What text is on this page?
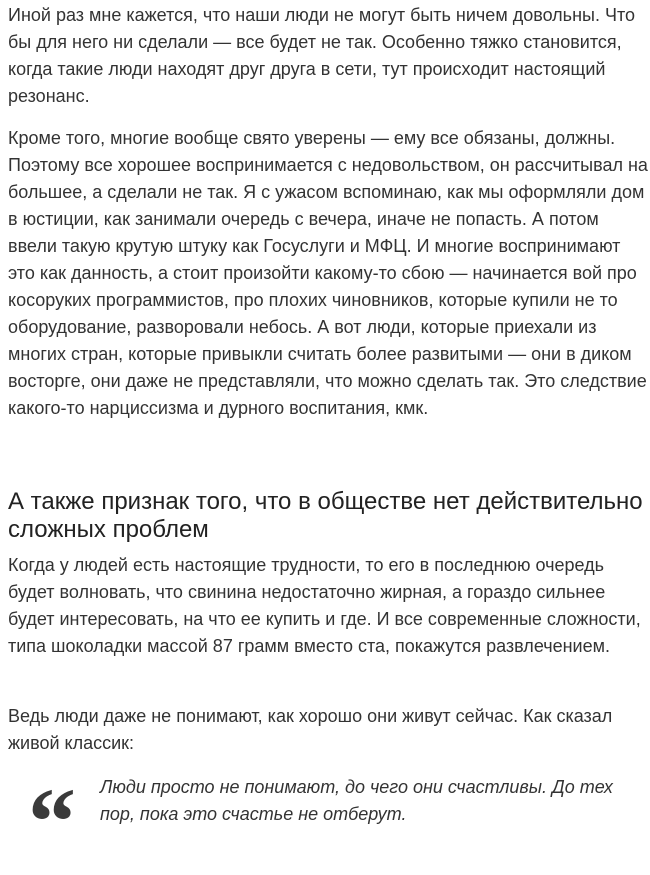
Иной раз мне кажется, что наши люди не могут быть ничем довольны. Что бы для него ни сделали — все будет не так. Особенно тяжко становится, когда такие люди находят друг друга в сети, тут происходит настоящий резонанс.

Кроме того, многие вообще свято уверены — ему все обязаны, должны. Поэтому все хорошее воспринимается с недовольством, он рассчитывал на большее, а сделали не так. Я с ужасом вспоминаю, как мы оформляли дом в юстиции, как занимали очередь с вечера, иначе не попасть. А потом ввели такую крутую штуку как Госуслуги и МФЦ. И многие воспринимают это как данность, а стоит произойти какому-то сбою — начинается вой про косоруких программистов, про плохих чиновников, которые купили не то оборудование, разворовали небось. А вот люди, которые приехали из многих стран, которые привыкли считать более развитыми — они в диком восторге, они даже не представляли, что можно сделать так. Это следствие какого-то нарциссизма и дурного воспитания, кмк.

А также признак того, что в обществе нет действительно сложных проблем

Когда у людей есть настоящие трудности, то его в последнюю очередь будет волновать, что свинина недостаточно жирная, а гораздо сильнее будет интересовать, на что ее купить и где. И все современные сложности, типа шоколадки массой 87 грамм вместо ста, покажутся развлечением.

Ведь люди даже не понимают, как хорошо они живут сейчас. Как сказал живой классик:

“ Люди просто не понимают, до чего они счастливы. До тех пор, пока это счастье не отберут.
